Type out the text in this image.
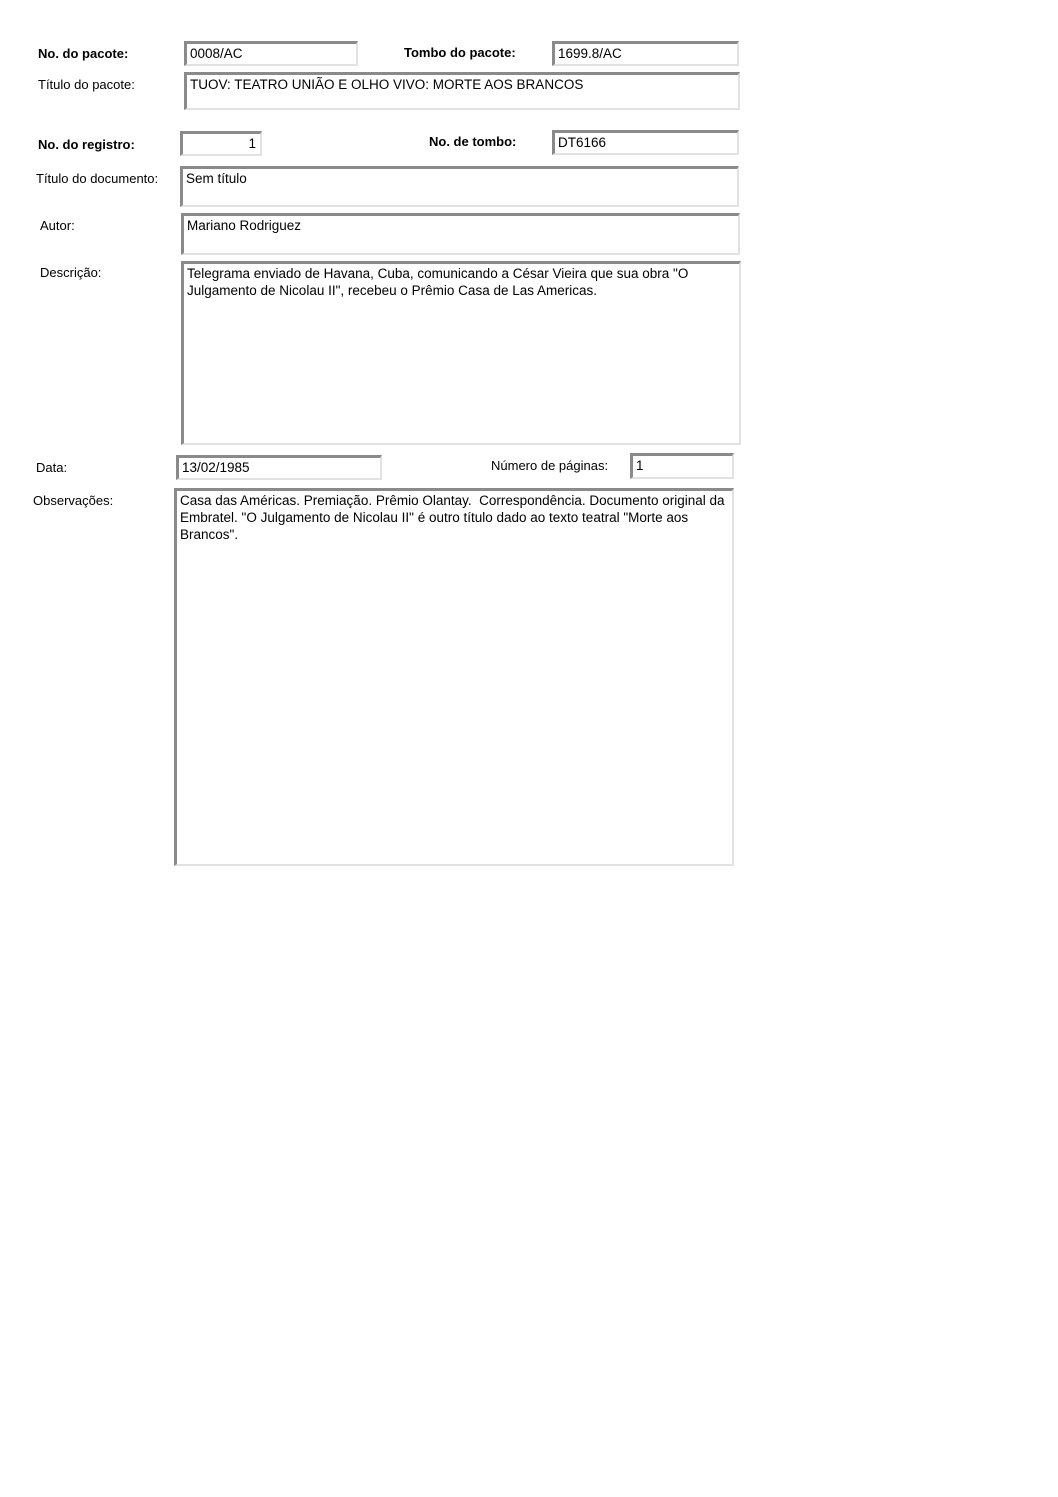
No. do pacote:	0008/AC	Tombo do pacote:	1699.8/AC
Título do pacote:	TUOV: TEATRO UNIÃO E OLHO VIVO: MORTE AOS BRANCOS
No. do registro:	1	No. de tombo:	DT6166
Título do documento:	Sem título
Autor:	Mariano Rodriguez
Descrição:	Telegrama enviado de Havana, Cuba, comunicando a César Vieira que sua obra "O Julgamento de Nicolau II", recebeu o Prêmio Casa de Las Americas.
Data:	13/02/1985	Número de páginas:	1
Observações:	Casa das Américas. Premiação. Prêmio Olantay.  Correspondência. Documento original da Embratel. "O Julgamento de Nicolau II" é outro título dado ao texto teatral "Morte aos Brancos".
